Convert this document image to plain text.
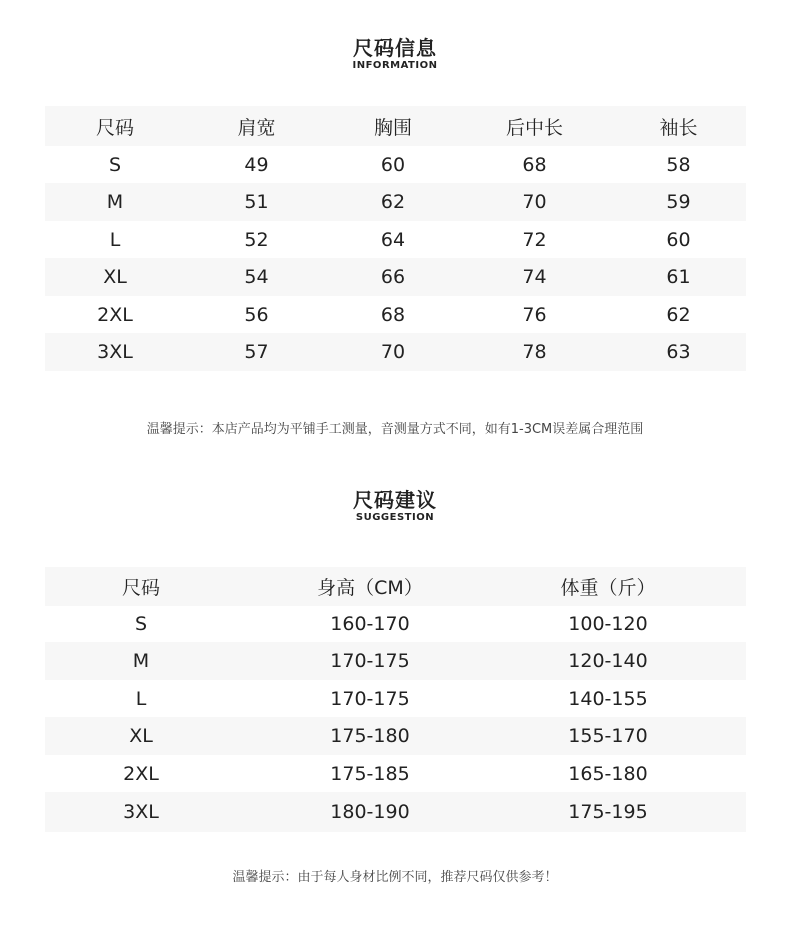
尺码信息
INFORMATION
尺码	肩宽	胸围	后中长	袖长
S	49	60	68	58
M	51	62	70	59
L	52	64	72	60
XL	54	66	74	61
2XL	56	68	76	62
3XL	57	70	78	63
温馨提示：本店产品均为平铺手工测量，音测量方式不同，如有1-3CM误差属合理范围
尺码建议
SUGGESTION
尺码	身高（CM）	体重（斤）
S	160-170	100-120
M	170-175	120-140
L	170-175	140-155
XL	175-180	155-170
2XL	175-185	165-180
3XL	180-190	175-195
温馨提示：由于每人身材比例不同，推荐尺码仅供参考！
